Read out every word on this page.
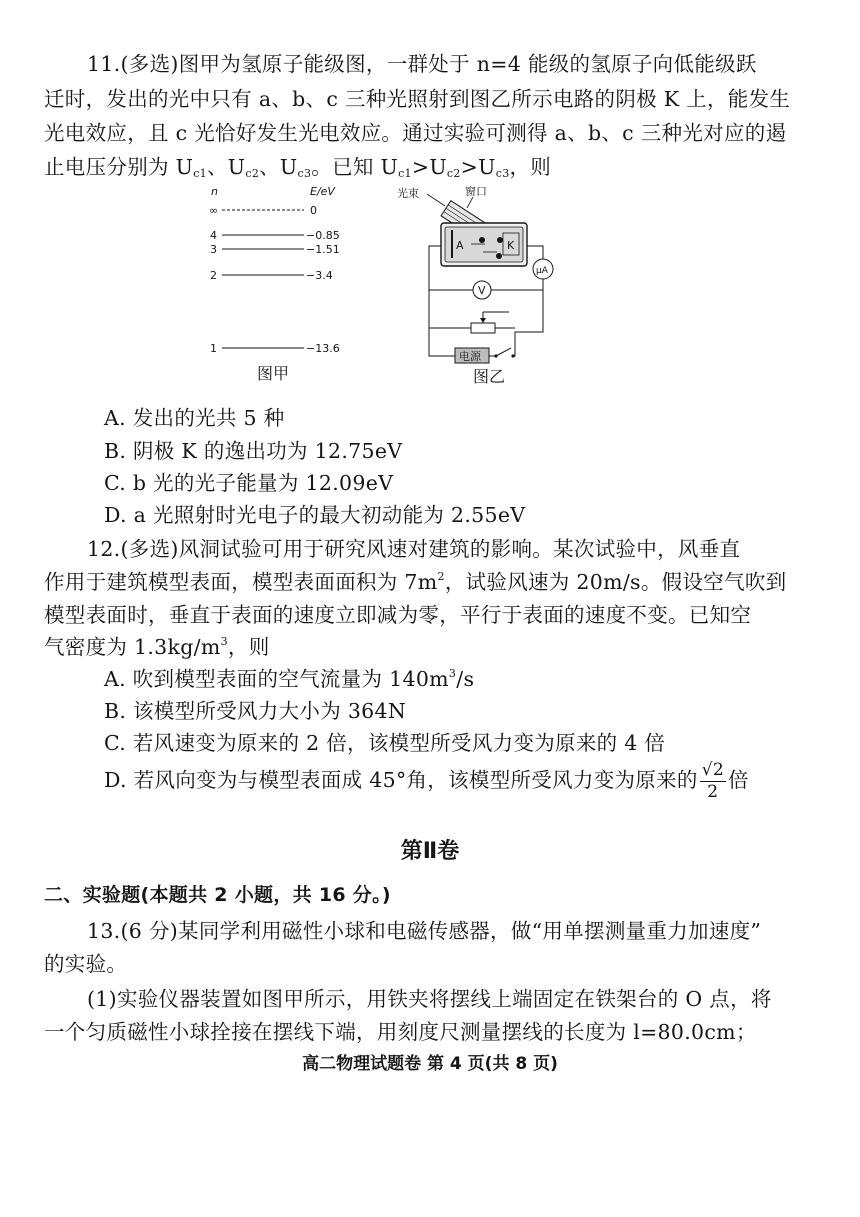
11.(多选)图甲为氢原子能级图，一群处于 n=4 能级的氢原子向低能级跃
迁时，发出的光中只有 a、b、c 三种光照射到图乙所示电路的阴极 K 上，能发生
光电效应，且 c 光恰好发生光电效应。通过实验可测得 a、b、c 三种光对应的遏
止电压分别为 $U_{c1}$、$U_{c2}$、$U_{c3}$。已知 $U_{c1}>U_{c2}>U_{c3}$，则
n	E/eV
∞	0
4	−0.85
3	−1.51
2	−3.4
1	−13.6
图甲
光束	窗口
A	K
μA
V
电源
图乙
A. 发出的光共 5 种
B. 阴极 K 的逸出功为 12.75eV
C. b 光的光子能量为 12.09eV
D. a 光照射时光电子的最大初动能为 2.55eV
12.(多选)风洞试验可用于研究风速对建筑的影响。某次试验中，风垂直
作用于建筑模型表面，模型表面面积为 $7m^2$，试验风速为 20m/s。假设空气吹到
模型表面时，垂直于表面的速度立即减为零，平行于表面的速度不变。已知空
气密度为 $1.3kg/m^3$，则
A. 吹到模型表面的空气流量为 $140m^3/s$
B. 该模型所受风力大小为 364N
C. 若风速变为原来的 2 倍，该模型所受风力变为原来的 4 倍
D. 若风向变为与模型表面成 45°角，该模型所受风力变为原来的 $\frac{√2}{2}$ 倍
第Ⅱ卷
二、实验题(本题共 2 小题，共 16 分。)
13.(6 分)某同学利用磁性小球和电磁传感器，做“用单摆测量重力加速度”
的实验。
(1)实验仪器装置如图甲所示，用铁夹将摆线上端固定在铁架台的 O 点，将
一个匀质磁性小球拴接在摆线下端，用刻度尺测量摆线的长度为 l=80.0cm；
高二物理试题卷 第 4 页(共 8 页)
